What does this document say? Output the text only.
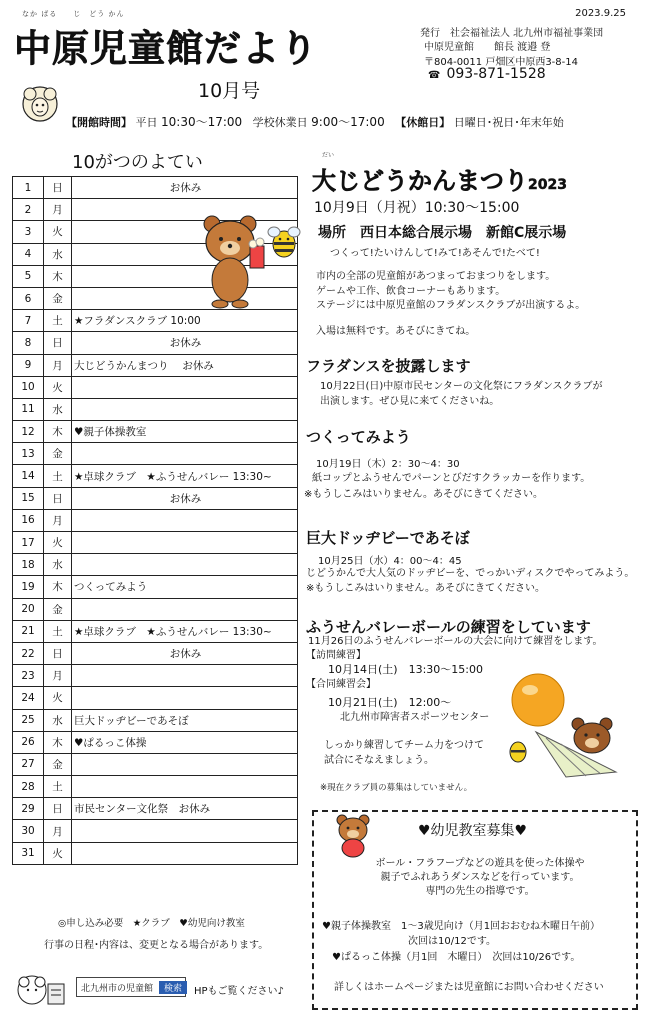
なか ばる　　じ　どう かん
中原児童館だより
10月号
2023.9.25
発行　社会福祉法人 北九州市福祉事業団
中原児童館　　館長 渡邉 登
〒804-0011 戸畑区中原西3-8-14
☎ 093-871-1528
【開館時間】 平日 10:30～17:00 学校休業日 9:00～17:00 【休館日】 日曜日･祝日･年末年始
10がつのよてい
1	日	お休み

2	月	
3	火	
4	水	
5	木	
6	金	
7	土	★フラダンスクラブ 10:00
8	日	お休み

9	月	大じどうかんまつり　 お休み
10	火	
11	水	
12	木	♥親子体操教室
13	金	
14	土	★卓球クラブ　★ふうせんバレー 13:30~
15	日	お休み

16	月	
17	火	
18	水	
19	木	つくってみよう
20	金	
21	土	★卓球クラブ　★ふうせんバレー 13:30~
22	日	お休み

23	月	
24	火	
25	水	巨大ドッヂビーであそぼ
26	木	♥ぱるっこ体操
27	金	
28	土	
29	日	市民センター文化祭　お休み
30	月	
31	火	
◎申し込み必要　★クラブ　♥幼児向け教室
行事の日程･内容は、変更となる場合があります。
北九州市の児童館 検索	HPもご覧ください♪
だい
大じどうかんまつり2023
10月9日（月祝）10:30～15:00
場所　西日本総合展示場　新館C展示場
つくって!たいけんして!みて!あそんで!たべて!
市内の全部の児童館があつまっておまつりをします。
ゲームや工作、飲食コーナーもあります。
ステージには中原児童館のフラダンスクラブが出演するよ。
入場は無料です。あそびにきてね。
フラダンスを披露します
10月22日(日)中原市民センターの文化祭にフラダンスクラブが
出演します。ぜひ見に来てくださいね。
つくってみよう
10月19日（木）2：30～4：30
紙コップとふうせんでパーンとびだすクラッカーを作ります。
※もうしこみはいりません。あそびにきてください。
巨大ドッヂビーであそぼ
10月25日（水）4：00～4：45
じどうかんで大人気のドッヂビーを、でっかいディスクでやってみよう。
※もうしこみはいりません。あそびにきてください。
ふうせんバレーボールの練習をしています
11月26日のふうせんバレーボールの大会に向けて練習をします。
【訪問練習】
10月14日(土)　13:30～15:00
【合同練習会】
10月21日(土)　12:00～
北九州市障害者スポーツセンター
しっかり練習してチーム力をつけて
試合にそなえましょう。
※現在クラブ員の募集はしていません。
♥幼児教室募集♥
ボール・フラフープなどの遊具を使った体操や
親子でふれあうダンスなどを行っています。
専門の先生の指導です。
♥親子体操教室　1～3歳児向け（月1回おおむね木曜日午前）
次回は10/12です。
♥ぱるっこ体操（月1回　木曜日）　次回は10/26です。
詳しくはホームページまたは児童館にお問い合わせください
